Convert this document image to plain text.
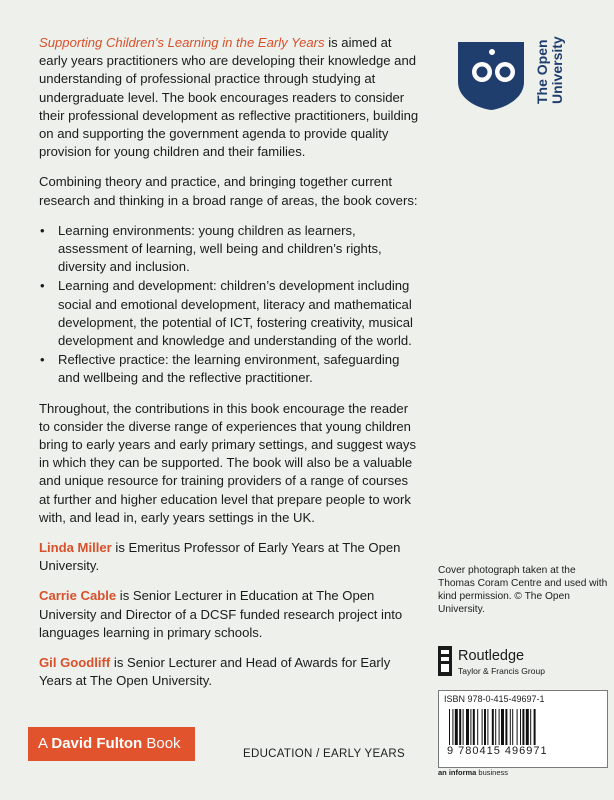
Supporting Children’s Learning in the Early Years is aimed at early years practitioners who are developing their knowledge and understanding of professional practice through studying at undergraduate level. The book encourages readers to consider their professional development as reflective practitioners, building on and supporting the government agenda to provide quality provision for young children and their families.

Combining theory and practice, and bringing together current research and thinking in a broad range of areas, the book covers:

• Learning environments: young children as learners, assessment of learning, well being and children’s rights, diversity and inclusion.
• Learning and development: children’s development including social and emotional development, literacy and mathematical development, the potential of ICT, fostering creativity, musical development and knowledge and understanding of the world.
• Reflective practice: the learning environment, safeguarding and wellbeing and the reflective practitioner.

Throughout, the contributions in this book encourage the reader to consider the diverse range of experiences that young children bring to early years and early primary settings, and suggest ways in which they can be supported. The book will also be a valuable and unique resource for training providers of a range of courses at further and higher education level that prepare people to work with, and lead in, early years settings in the UK.

Linda Miller is Emeritus Professor of Early Years at The Open University.

Carrie Cable is Senior Lecturer in Education at The Open University and Director of a DCSF funded research project into languages learning in primary schools.

Gil Goodliff is Senior Lecturer and Head of Awards for Early Years at The Open University.

The Open University
Cover photograph taken at the Thomas Coram Centre and used with kind permission. © The Open University.
Routledge
Taylor & Francis Group
ISBN 978-0-415-49697-1
9 780415 496971
an informa business
A David Fulton Book
EDUCATION / EARLY YEARS
